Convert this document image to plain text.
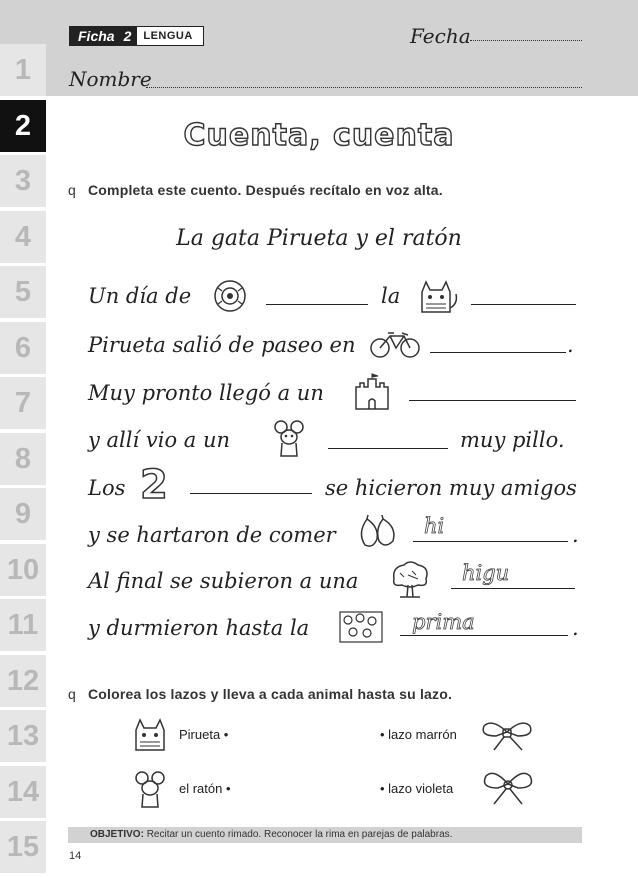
Ficha 2	LENGUA	Fecha
Nombre
1
2
3
4
5
6
7
8
9
10
11
12
13
14
15
Cuenta, cuenta
q Completa este cuento. Después recítalo en voz alta.
La gata Pirueta y el ratón
Un día de	la
Pirueta salió de paseo en	.
Muy pronto llegó a un
y allí vio a un	muy pillo.
Los 2	se hicieron muy amigos
y se hartaron de comer	hi	.
Al final se subieron a una	higu
y durmieron hasta la	prima	.
q Colorea los lazos y lleva a cada animal hasta su lazo.
Pirueta •	• lazo marrón
el ratón •	• lazo violeta
OBJETIVO: Recitar un cuento rimado. Reconocer la rima en parejas de palabras.
14
